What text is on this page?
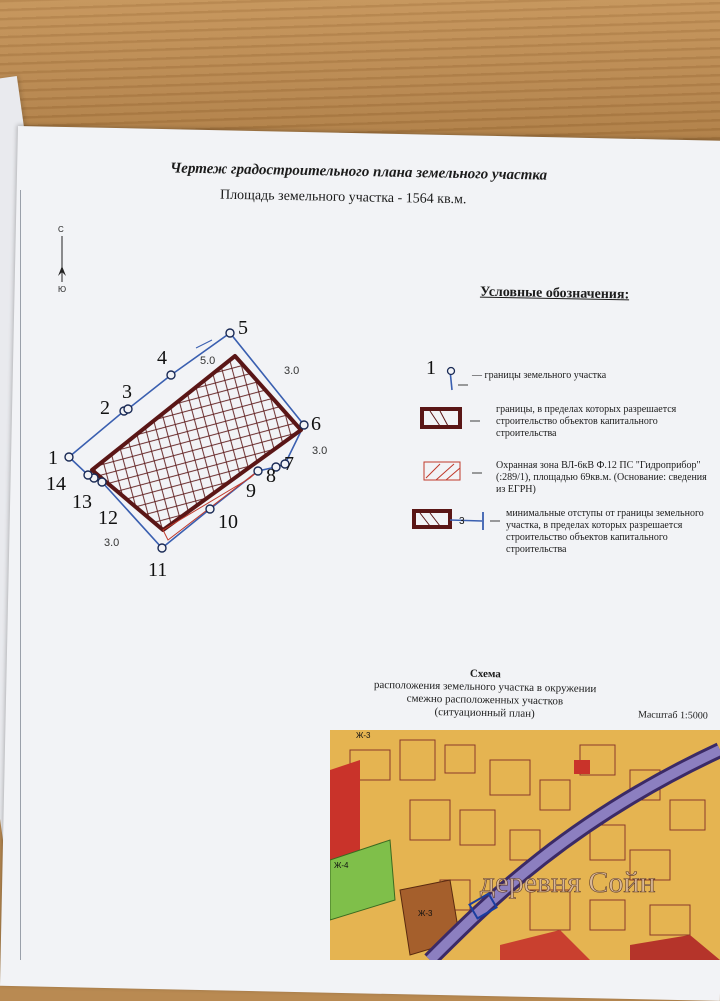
Чертеж градостроительного плана земельного участка
Площадь земельного участка - 1564 кв.м.
С
Ю
5.0
3.0
3.0
3.0
1
2
3
4
5
6
7
8
9
10
11
12
13
14
1
3
Условные обозначения:
— границы земельного участка
границы, в пределах которых разрешается строительство объектов капитального строительства
Охранная зона ВЛ-6кВ Ф.12 ПС "Гидроприбор" (:289/1), площадью 69кв.м. (Основание: сведения из ЕГРН)
минимальные отступы от границы земельного участка, в пределах которых разрешается строительство объектов капитального строительства
Схема
расположения земельного участка в окружении
смежно расположенных участков
(ситуационный план)	Масштаб 1:5000
Ж-4
Ж-3
Ж-3
деревня Сойн
